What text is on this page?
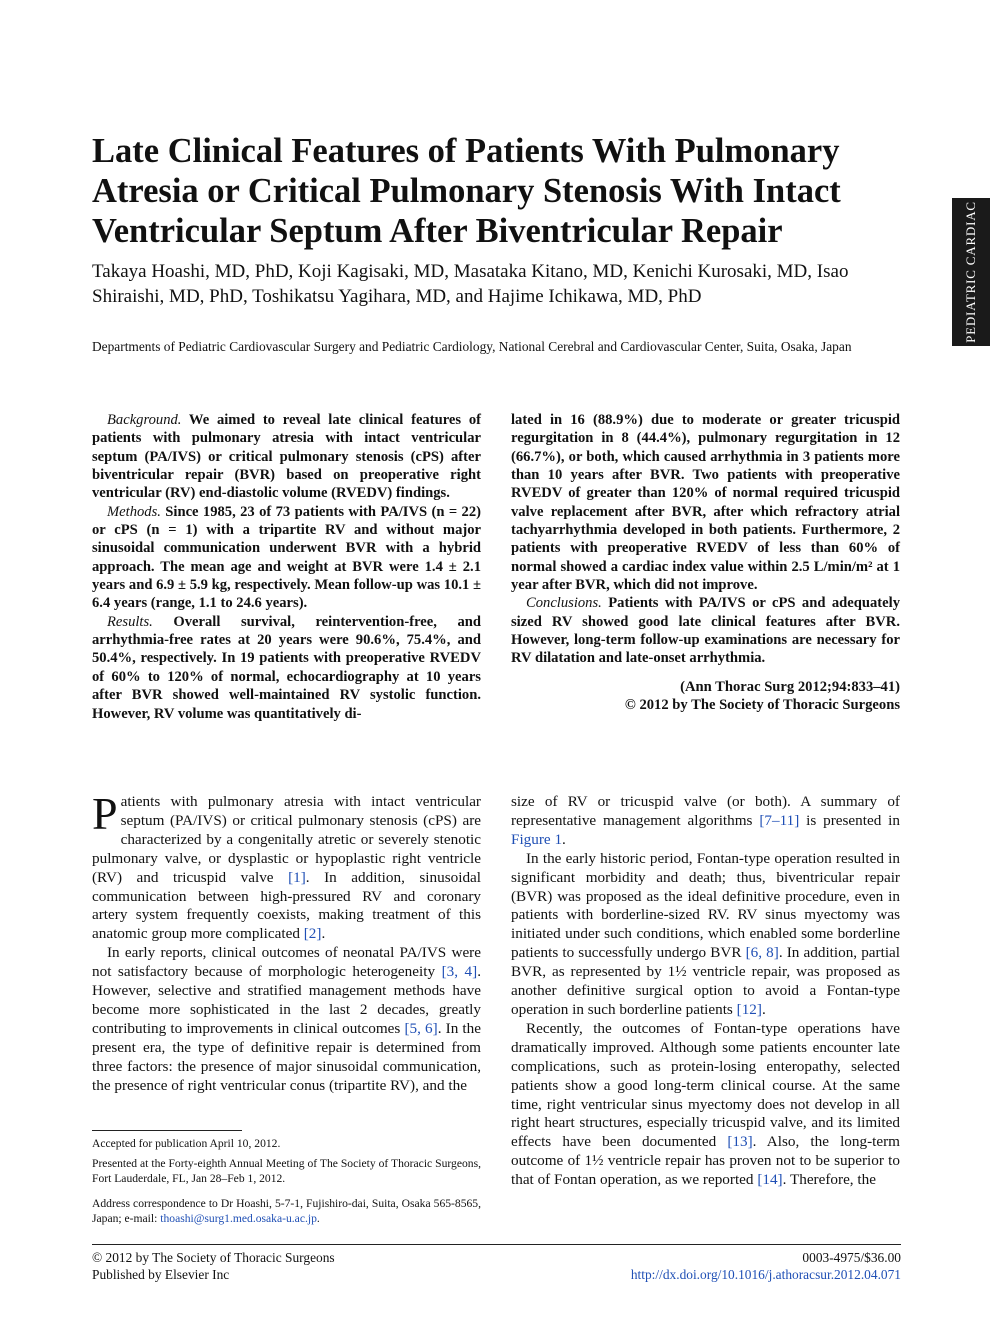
PEDIATRIC CARDIAC
Late Clinical Features of Patients With Pulmonary Atresia or Critical Pulmonary Stenosis With Intact Ventricular Septum After Biventricular Repair
Takaya Hoashi, MD, PhD, Koji Kagisaki, MD, Masataka Kitano, MD, Kenichi Kurosaki, MD, Isao Shiraishi, MD, PhD, Toshikatsu Yagihara, MD, and Hajime Ichikawa, MD, PhD
Departments of Pediatric Cardiovascular Surgery and Pediatric Cardiology, National Cerebral and Cardiovascular Center, Suita, Osaka, Japan

Background. We aimed to reveal late clinical features of patients with pulmonary atresia with intact ventricular septum (PA/IVS) or critical pulmonary stenosis (cPS) after biventricular repair (BVR) based on preoperative right ventricular (RV) end-diastolic volume (RVEDV) findings.

Methods. Since 1985, 23 of 73 patients with PA/IVS (n = 22) or cPS (n = 1) with a tripartite RV and without major sinusoidal communication underwent BVR with a hybrid approach. The mean age and weight at BVR were 1.4 ± 2.1 years and 6.9 ± 5.9 kg, respectively. Mean follow-up was 10.1 ± 6.4 years (range, 1.1 to 24.6 years).

Results. Overall survival, reintervention-free, and arrhythmia-free rates at 20 years were 90.6%, 75.4%, and 50.4%, respectively. In 19 patients with preoperative RVEDV of 60% to 120% of normal, echocardiography at 10 years after BVR showed well-maintained RV systolic function. However, RV volume was quantitatively di-

lated in 16 (88.9%) due to moderate or greater tricuspid regurgitation in 8 (44.4%), pulmonary regurgitation in 12 (66.7%), or both, which caused arrhythmia in 3 patients more than 10 years after BVR. Two patients with preoperative RVEDV of greater than 120% of normal required tricuspid valve replacement after BVR, after which refractory atrial tachyarrhythmia developed in both patients. Furthermore, 2 patients with preoperative RVEDV of less than 60% of normal showed a cardiac index value within 2.5 L/min/m² at 1 year after BVR, which did not improve.

Conclusions. Patients with PA/IVS or cPS and adequately sized RV showed good late clinical features after BVR. However, long-term follow-up examinations are necessary for RV dilatation and late-onset arrhythmia.

(Ann Thorac Surg 2012;94:833–41)
© 2012 by The Society of Thoracic Surgeons

Patients with pulmonary atresia with intact ventricular septum (PA/IVS) or critical pulmonary stenosis (cPS) are characterized by a congenitally atretic or severely stenotic pulmonary valve, or dysplastic or hypoplastic right ventricle (RV) and tricuspid valve [1]. In addition, sinusoidal communication between high-pressured RV and coronary artery system frequently coexists, making treatment of this anatomic group more complicated [2].

In early reports, clinical outcomes of neonatal PA/IVS were not satisfactory because of morphologic heterogeneity [3, 4]. However, selective and stratified management methods have become more sophisticated in the last 2 decades, greatly contributing to improvements in clinical outcomes [5, 6]. In the present era, the type of definitive repair is determined from three factors: the presence of major sinusoidal communication, the presence of right ventricular conus (tripartite RV), and the

size of RV or tricuspid valve (or both). A summary of representative management algorithms [7–11] is presented in Figure 1.

In the early historic period, Fontan-type operation resulted in significant morbidity and death; thus, biventricular repair (BVR) was proposed as the ideal definitive procedure, even in patients with borderline-sized RV. RV sinus myectomy was initiated under such conditions, which enabled some borderline patients to successfully undergo BVR [6, 8]. In addition, partial BVR, as represented by 1½ ventricle repair, was proposed as another definitive surgical option to avoid a Fontan-type operation in such borderline patients [12].

Recently, the outcomes of Fontan-type operations have dramatically improved. Although some patients encounter late complications, such as protein-losing enteropathy, selected patients show a good long-term clinical course. At the same time, right ventricular sinus myectomy does not develop in all right heart structures, especially tricuspid valve, and its limited effects have been documented [13]. Also, the long-term outcome of 1½ ventricle repair has proven not to be superior to that of Fontan operation, as we reported [14]. Therefore, the

Accepted for publication April 10, 2012.
Presented at the Forty-eighth Annual Meeting of The Society of Thoracic Surgeons, Fort Lauderdale, FL, Jan 28–Feb 1, 2012.
Address correspondence to Dr Hoashi, 5-7-1, Fujishiro-dai, Suita, Osaka 565-8565, Japan; e-mail: thoashi@surg1.med.osaka-u.ac.jp.
© 2012 by The Society of Thoracic Surgeons
Published by Elsevier Inc
0003-4975/$36.00
http://dx.doi.org/10.1016/j.athoracsur.2012.04.071
